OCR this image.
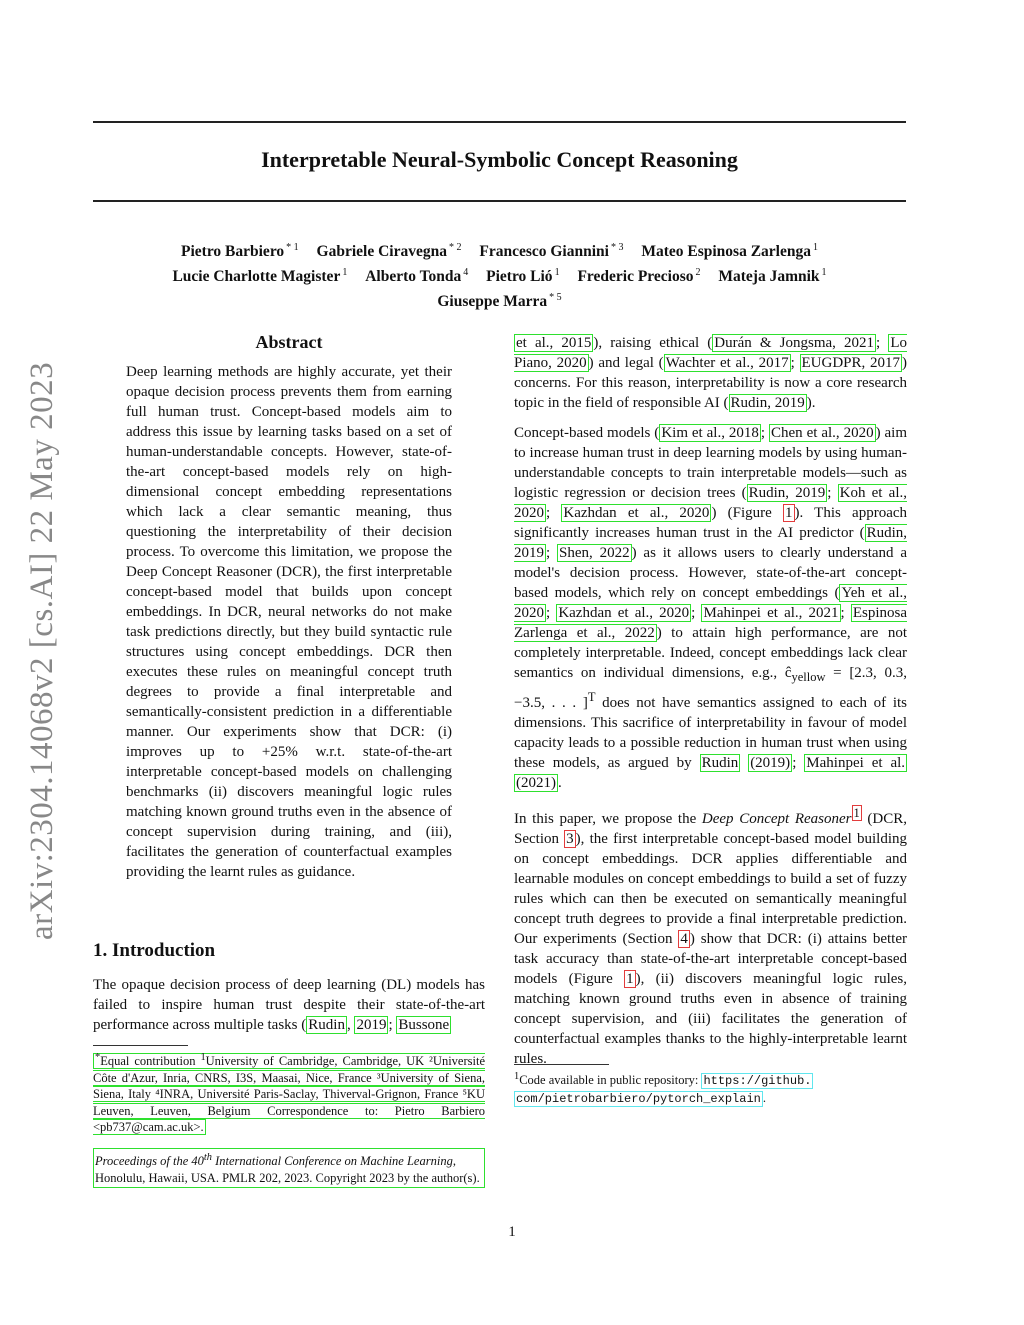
Interpretable Neural-Symbolic Concept Reasoning
Pietro Barbiero $^{* 1}$ Gabriele Ciravegna $^{* 2}$ Francesco Giannini $^{* 3}$ Mateo Espinosa Zarlenga $^1$
Lucie Charlotte Magister $^1$ Alberto Tonda $^4$ Pietro Lió $^1$ Frederic Precioso $^2$ Mateja Jamnik $^1$
Giuseppe Marra $^{* 5}$
arXiv:2304.14068v2 [cs.AI] 22 May 2023
Abstract
Deep learning methods are highly accurate, yet their opaque decision process prevents them from earning full human trust. Concept-based models aim to address this issue by learning tasks based on a set of human-understandable concepts. However, state-of-the-art concept-based models rely on high-dimensional concept embedding representations which lack a clear semantic meaning, thus questioning the interpretability of their decision process. To overcome this limitation, we propose the Deep Concept Reasoner (DCR), the first interpretable concept-based model that builds upon concept embeddings. In DCR, neural networks do not make task predictions directly, but they build syntactic rule structures using concept embeddings. DCR then executes these rules on meaningful concept truth degrees to provide a final interpretable and semantically-consistent prediction in a differentiable manner. Our experiments show that DCR: (i) improves up to +25% w.r.t. state-of-the-art interpretable concept-based models on challenging benchmarks (ii) discovers meaningful logic rules matching known ground truths even in the absence of concept supervision during training, and (iii), facilitates the generation of counterfactual examples providing the learnt rules as guidance.
1. Introduction

The opaque decision process of deep learning (DL) models has failed to inspire human trust despite their state-of-the-art performance across multiple tasks ( Rudin , 2019 ; Bussone

*Equal contribution $^1$University of Cambridge, Cambridge, UK ²Université Côte d'Azur, Inria, CNRS, I3S, Maasai, Nice, France ³University of Siena, Siena, Italy ⁴INRA, Université Paris-Saclay, Thiverval-Grignon, France ⁵KU Leuven, Leuven, Belgium Correspondence to: Pietro Barbiero <pb737@cam.ac.uk>.
Proceedings of the 40th International Conference on Machine Learning, Honolulu, Hawaii, USA. PMLR 202, 2023. Copyright 2023 by the author(s).

et al., 2015 ), raising ethical ( Durán & Jongsma, 2021 ; Lo Piano, 2020 ) and legal ( Wachter et al., 2017 ; EUGDPR, 2017 ) concerns. For this reason, interpretability is now a core research topic in the field of responsible AI ( Rudin, 2019 ).

Concept-based models ( Kim et al., 2018 ; Chen et al., 2020 ) aim to increase human trust in deep learning models by using human-understandable concepts to train interpretable models—such as logistic regression or decision trees ( Rudin, 2019 ; Koh et al., 2020 ; Kazhdan et al., 2020 ) (Figure 1 ). This approach significantly increases human trust in the AI predictor ( Rudin, 2019 ; Shen, 2022 ) as it allows users to clearly understand a model's decision process. However, state-of-the-art concept-based models, which rely on concept embeddings ( Yeh et al., 2020 ; Kazhdan et al., 2020 ; Mahinpei et al., 2021 ; Espinosa Zarlenga et al., 2022 ) to attain high performance, are not completely interpretable. Indeed, concept embeddings lack clear semantics on individual dimensions, e.g., $ĉ_{yellow} = [2.3$, 0.3, −3.5, . . . ]$^T$ does not have semantics assigned to each of its dimensions. This sacrifice of interpretability in favour of model capacity leads to a possible reduction in human trust when using these models, as argued by Rudin (2019) ; Mahinpei et al. (2021) .

In this paper, we propose the Deep Concept Reasoner $^1$ (DCR, Section 3 ), the first interpretable concept-based model building on concept embeddings. DCR applies differentiable and learnable modules on concept embeddings to build a set of fuzzy rules which can then be executed on semantically meaningful concept truth degrees to provide a final interpretable prediction. Our experiments (Section 4 ) show that DCR: (i) attains better task accuracy than state-of-the-art interpretable concept-based models (Figure 1 ), (ii) discovers meaningful logic rules, matching known ground truths even in absence of training concept supervision, and (iii) facilitates the generation of counterfactual examples thanks to the highly-interpretable learnt rules.

$^1$Code available in public repository: https://github.
com/pietrobarbiero/pytorch_explain .
1
